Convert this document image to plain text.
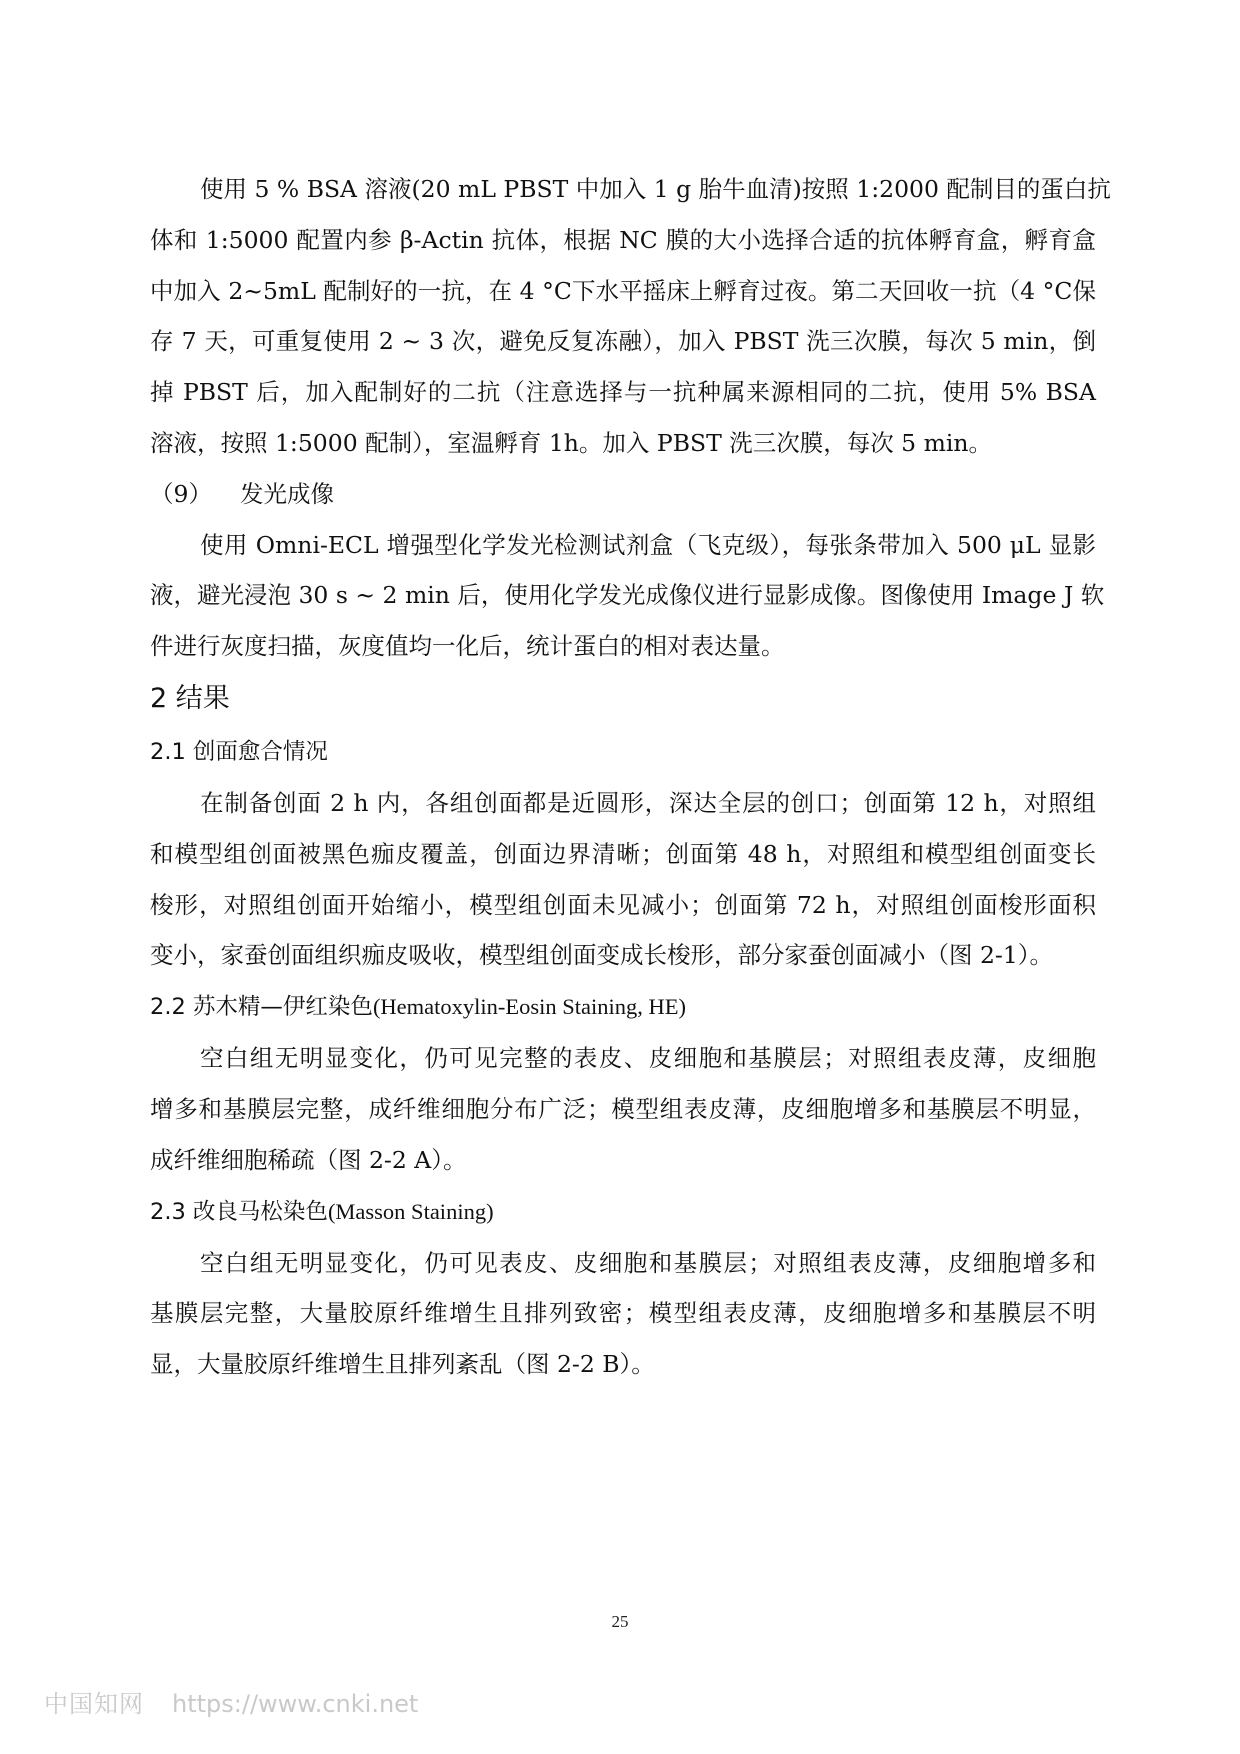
使用 5 % BSA 溶液(20 mL PBST 中加入 1 g 胎牛血清)按照 1:2000 配制目的蛋白抗
体和 1:5000 配置内参 β-Actin 抗体，根据 NC 膜的大小选择合适的抗体孵育盒，孵育盒
中加入 2~5mL 配制好的一抗，在 4 °C下水平摇床上孵育过夜。第二天回收一抗（4 °C保
存 7 天，可重复使用 2 ~ 3 次，避免反复冻融），加入 PBST 洗三次膜，每次 5 min，倒
掉 PBST 后，加入配制好的二抗（注意选择与一抗种属来源相同的二抗，使用 5% BSA
溶液，按照 1:5000 配制），室温孵育 1h。加入 PBST 洗三次膜，每次 5 min。
（9） 发光成像
使用 Omni-ECL 增强型化学发光检测试剂盒（飞克级），每张条带加入 500 μL 显影
液，避光浸泡 30 s ~ 2 min 后，使用化学发光成像仪进行显影成像。图像使用 Image J 软
件进行灰度扫描，灰度值均一化后，统计蛋白的相对表达量。
2 结果
2.1 创面愈合情况
在制备创面 2 h 内，各组创面都是近圆形，深达全层的创口；创面第 12 h，对照组
和模型组创面被黑色痂皮覆盖，创面边界清晰；创面第 48 h，对照组和模型组创面变长
梭形，对照组创面开始缩小，模型组创面未见减小；创面第 72 h，对照组创面梭形面积
变小，家蚕创面组织痂皮吸收，模型组创面变成长梭形，部分家蚕创面减小（图 2-1）。
2.2 苏木精—伊红染色(Hematoxylin-Eosin Staining, HE)
空白组无明显变化，仍可见完整的表皮、皮细胞和基膜层；对照组表皮薄，皮细胞
增多和基膜层完整，成纤维细胞分布广泛；模型组表皮薄，皮细胞增多和基膜层不明显，
成纤维细胞稀疏（图 2-2 A）。
2.3 改良马松染色(Masson Staining)
空白组无明显变化，仍可见表皮、皮细胞和基膜层；对照组表皮薄，皮细胞增多和
基膜层完整，大量胶原纤维增生且排列致密；模型组表皮薄，皮细胞增多和基膜层不明
显，大量胶原纤维增生且排列紊乱（图 2-2 B）。
25
中国知网 https://www.cnki.net
